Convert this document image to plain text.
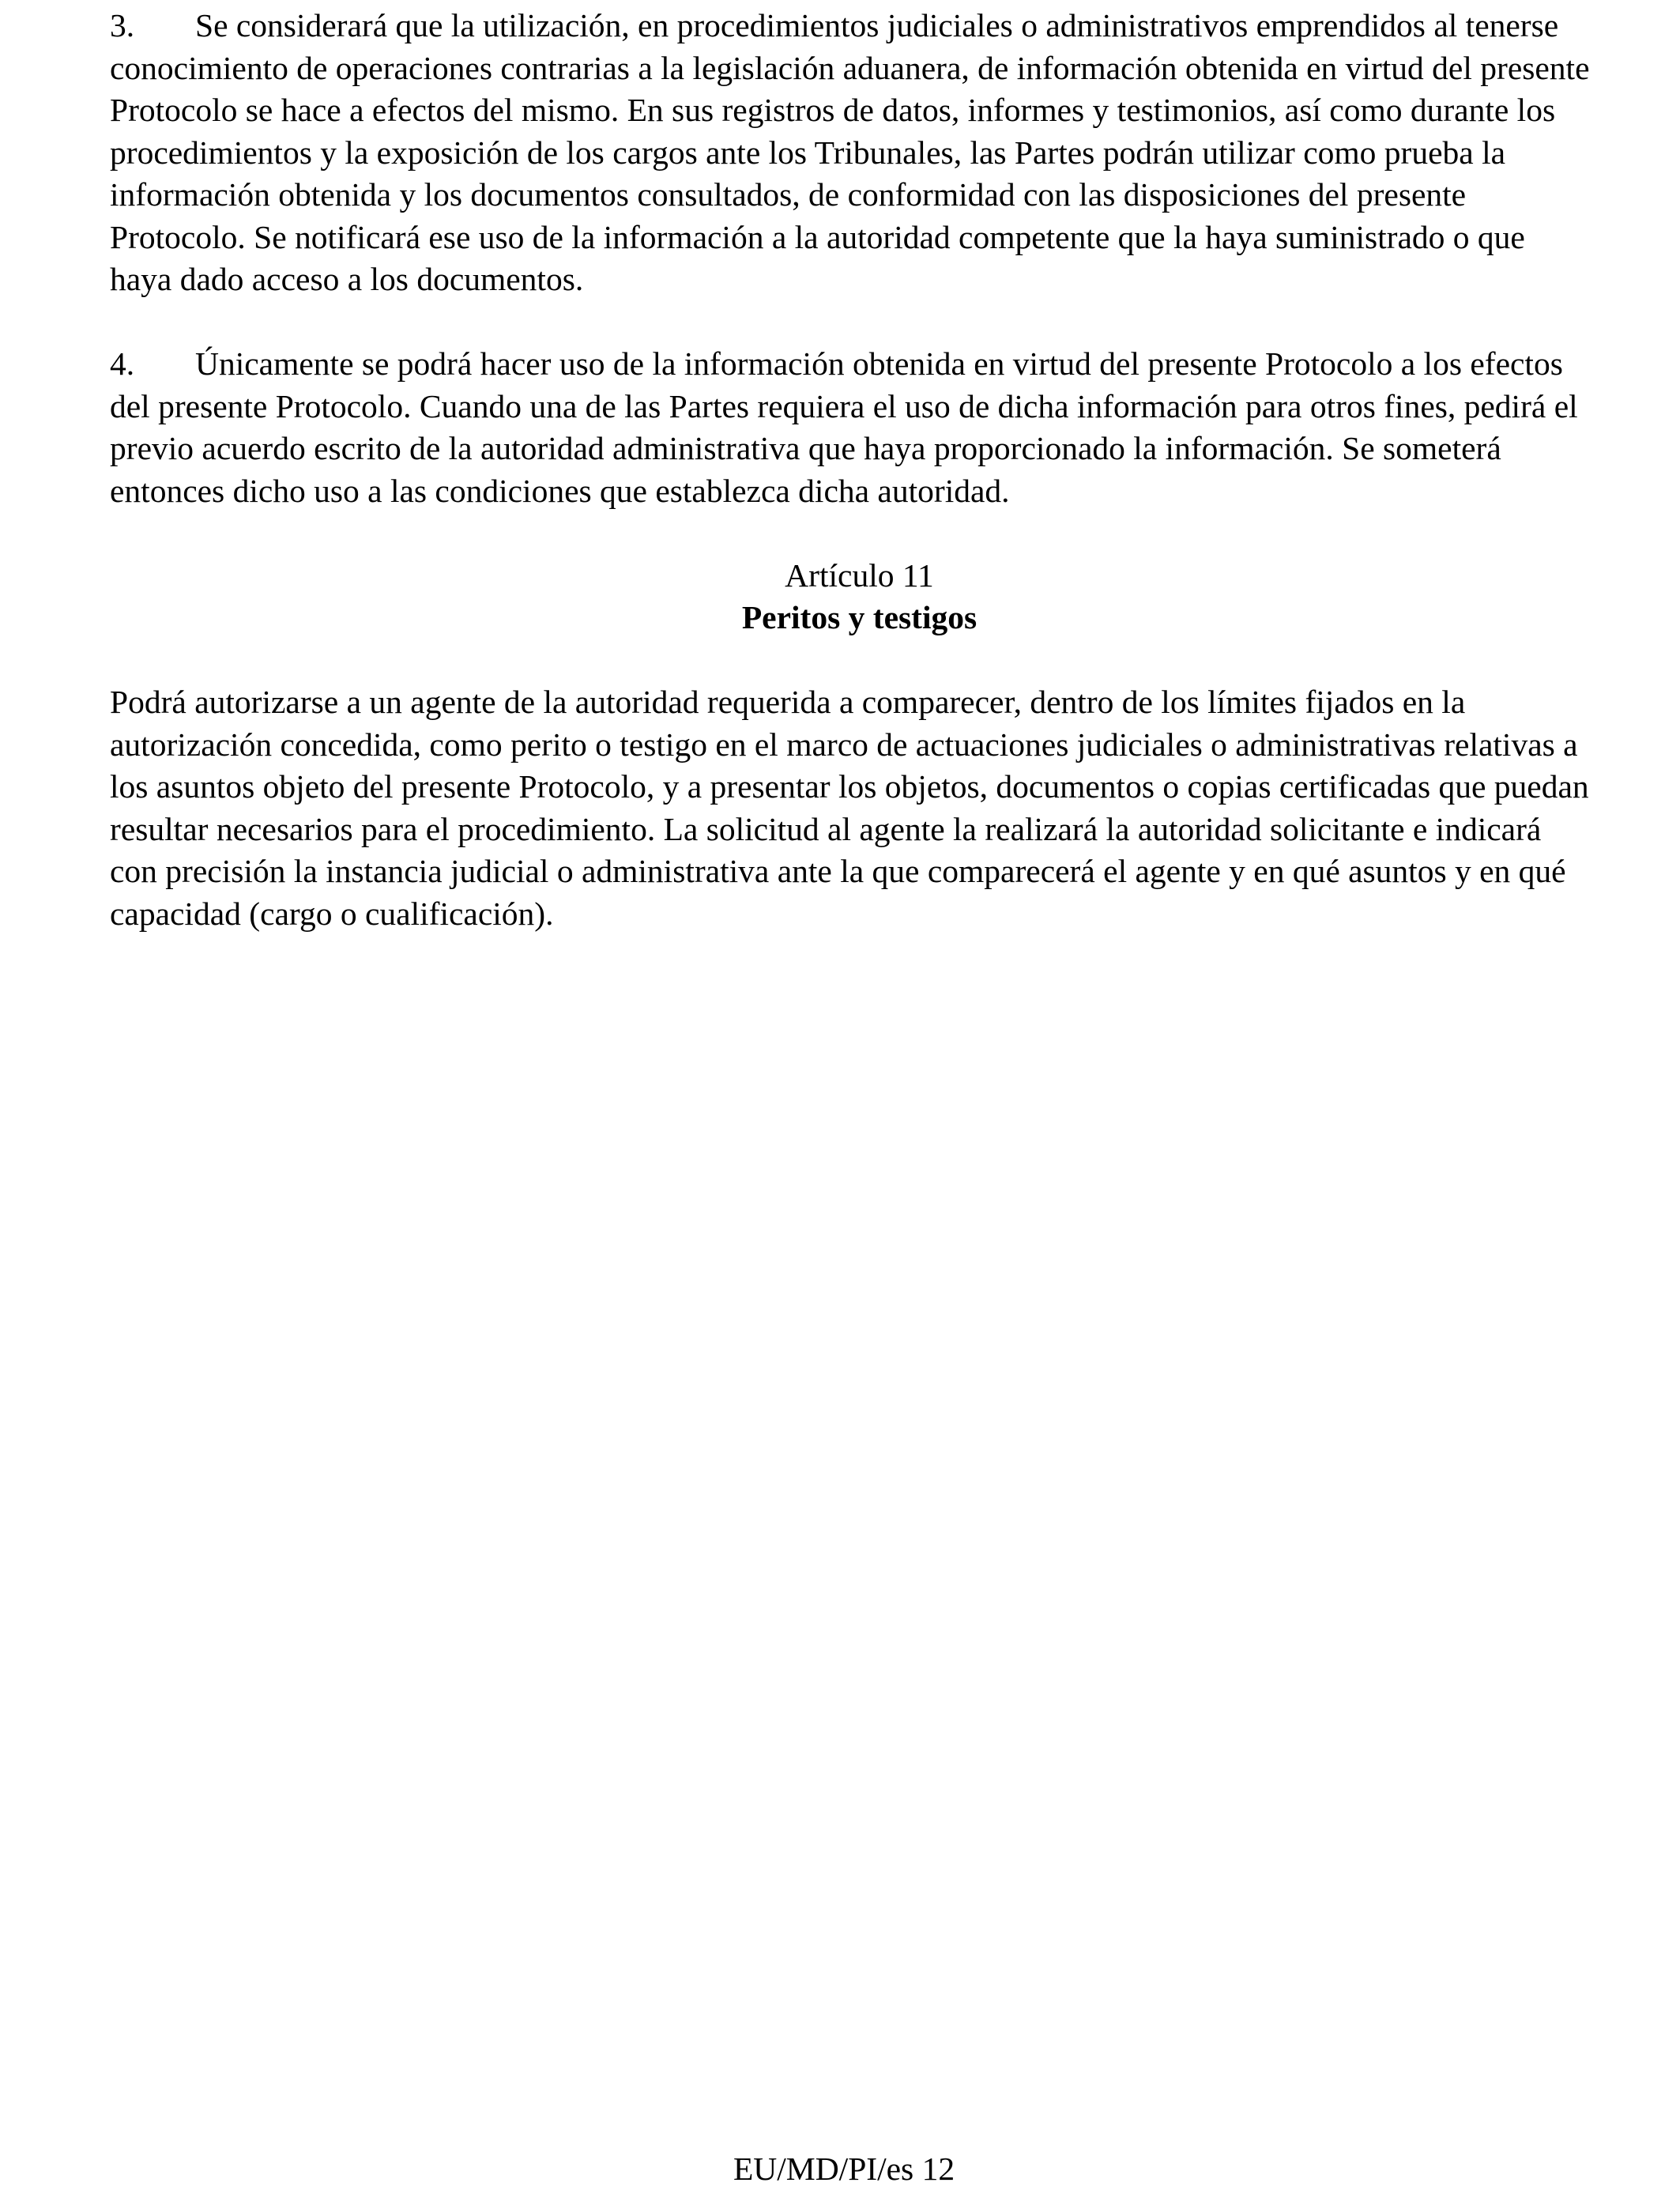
3. Se considerará que la utilización, en procedimientos judiciales o administrativos emprendidos al tenerse conocimiento de operaciones contrarias a la legislación aduanera, de información obtenida en virtud del presente Protocolo se hace a efectos del mismo. En sus registros de datos, informes y testimonios, así como durante los procedimientos y la exposición de los cargos ante los Tribunales, las Partes podrán utilizar como prueba la información obtenida y los documentos consultados, de conformidad con las disposiciones del presente Protocolo. Se notificará ese uso de la información a la autoridad competente que la haya suministrado o que haya dado acceso a los documentos.

4. Únicamente se podrá hacer uso de la información obtenida en virtud del presente Protocolo a los efectos del presente Protocolo. Cuando una de las Partes requiera el uso de dicha información para otros fines, pedirá el previo acuerdo escrito de la autoridad administrativa que haya proporcionado la información. Se someterá entonces dicho uso a las condiciones que establezca dicha autoridad.

Artículo 11
Peritos y testigos

Podrá autorizarse a un agente de la autoridad requerida a comparecer, dentro de los límites fijados en la autorización concedida, como perito o testigo en el marco de actuaciones judiciales o administrativas relativas a los asuntos objeto del presente Protocolo, y a presentar los objetos, documentos o copias certificadas que puedan resultar necesarios para el procedimiento. La solicitud al agente la realizará la autoridad solicitante e indicará con precisión la instancia judicial o administrativa ante la que comparecerá el agente y en qué asuntos y en qué capacidad (cargo o cualificación).

EU/MD/PI/es 12
